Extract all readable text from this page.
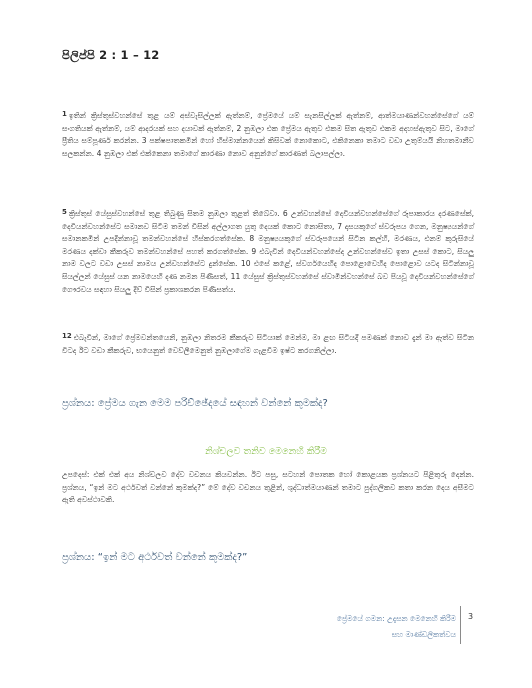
පිලිප්පි 2 : 1 – 12

$^1$ ඉතින් ක්‍රිස්තුස්වහන්සේ තුළ යම් අස්වැසිල්ලක් ඇත්නම්, ප්‍රේමයේ යම් සැනසිල්ලක් ඇත්නම්, ආත්මයාණන්වහන්සේගේ යම් සංගතියක් ඇත්නම්, යම් ආදරයක් සහ දයාවක් ඇත්නම්, 2 නුඹලා එක ප්‍රේමය ඇතුව එකම සිත ඇතුව එකම අදහස්ඇතුව සිට, මාගේ ප්‍රීතිය සම්පූර්ණ කරන්න. 3 පක්ෂපාතකමින් හෝ හිස්මාන්නයෙන් කිසිවක් නොකොට, එකිනෙකා තමාට වඩා උතුම්යයි නිහතමානීව සලකන්න. 4 නුඹලා එක් එක්කෙනා තමාගේ කාරණා නොව අනුන්ගේ කාරණත් බලාපල්ලා.

$^5$ ක්‍රිස්තුස් යේසුස්වහන්සේ තුළ තිබුණු සිතම නුඹලා තුළත් තිබේවා. 6 උන්වහන්සේ දෙවියන්වහන්සේගේ රූපාකාරය දරණසේක්, දෙවියන්වහන්සේට සමානව සිටීම තමන් විසින් අල්ලාගත යුතු දෙයක් කොට නොසිතා, 7 දාසයකුගේ ස්වරූපය ගෙන, මනුෂ්‍යයන්ගේ සමානකමින් උපදින්නාවූ තමන්වහන්සේ හිස්කරගත්සේක. 8 මනුෂ්‍යයකුගේ ස්වරූපයෙන් සිටින කල්හි, මරණය, එනම් කුරුසියේ මරණය දක්වා කීකරුව තමන්වහන්සේ පහත් කරගත්සේක. 9 එබැවින් දෙවියන්වහන්සේද උන්වහන්සේව ඉතා උසස් කොට, සියලු නාම වලට වඩා උසස් නාමය උන්වහන්සේට දුන්සේක. 10 එසේ කළේ, ස්වර්ගයෙහිද පොළොවෙහිද පොළොව යටද සිටින්නාවූ සියල්ලන් යේසුස් යන නාමයෙහි දණ නමන පිණිසත්, 11 යේසුස් ක්‍රිස්තුස්වහන්සේ ස්වාමින්වහන්සේ බව පියවූ දෙවියන්වහන්සේගේ ගෞරවය සඳහා සියලු දිව් විසින් ප්‍රකාශකරන පිණිසත්ය.

$^{12}$ එබැවින්, මාගේ ප්‍රේමවන්තයෙනි, නුඹලා නිතරම කීකරුව සිටියාක් මෙන්ම, මා ළඟ සිටියදී පමණක් නොව දැන් මා ඈත්ව සිටින විටද ඊට වඩා කීකරුව, භයෙනුත් වෙව්ලීමෙනුත් නුඹලාගේම ගැළවීම ඉෂ්ට කරගනිල්ලා.

ප්‍රශ්නය: ප්‍රේමය ගැන මෙම පරිච්ඡේදයේ සඳහන් වන්නේ කුමක්ද?

නිශ්චලව තනිව මෙනෙහි කිරීම

උපදෙස්: එක් එක් අය නිශ්චලව දේව වචනය කියවන්න. ඊට පසු, සටහන් පොතක හෝ කොළයක ප්‍රශ්නයට පිළිතුරු දෙන්න. ප්‍රශ්නය, “ඉන් මට අර්ථවත් වන්නේ කුමක්ද?” මේ දේව වචනය තුළින්, ශුද්ධාත්මයාණන් තමාට පුද්ගලිකව කතා කරන දෙය අසීමට ඇති අවස්ථාවකි.

ප්‍රශ්නය: “ඉන් මට අර්ථවත් වන්නේ කුමක්ද?”

ප්‍රේමයේ ගමන: උදැසන මෙනෙහි කිරීම

සහ මාණ්ඩලිකත්වය

3
